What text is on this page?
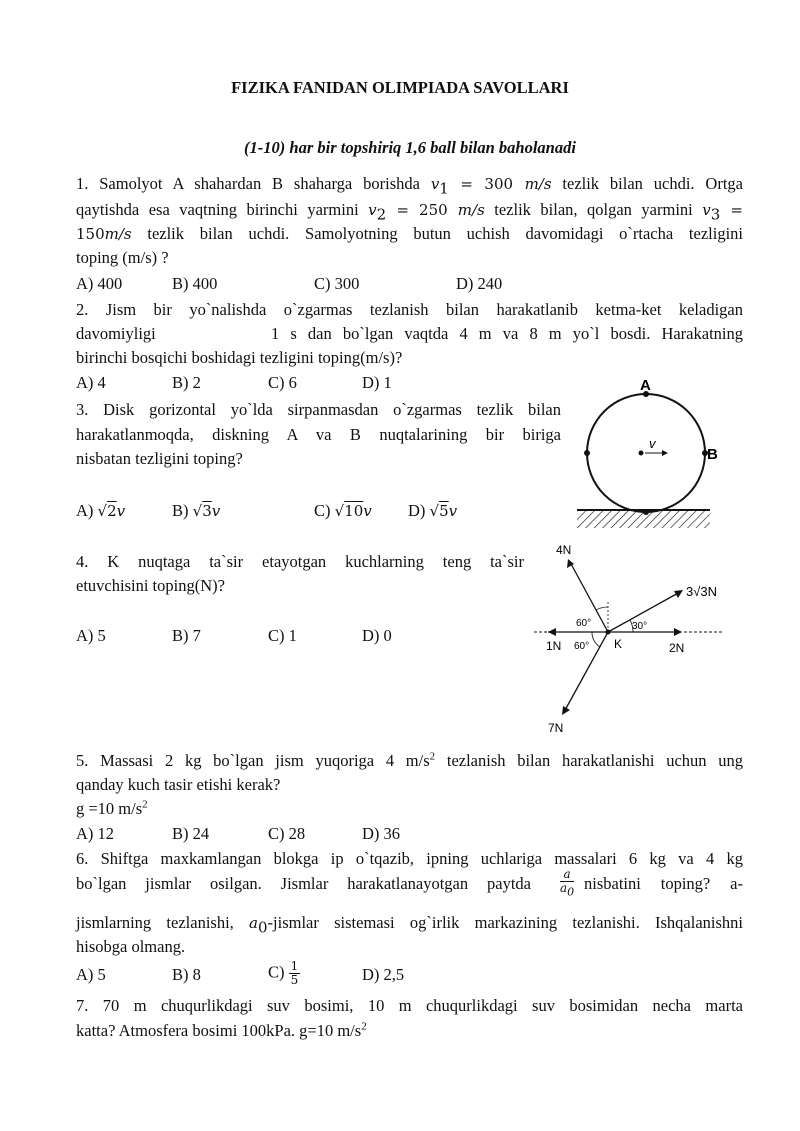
FIZIKA FANIDAN OLIMPIADA SAVOLLARI
(1-10) har bir topshiriq 1,6 ball bilan baholanadi
1. Samolyot A shahardan B shaharga borishda $v_1 = 300$ m/s tezlik bilan uchdi. Ortga
qaytishda esa vaqtning birinchi yarmini $v_2 = 250$ m/s tezlik bilan, qolgan yarmini $v_3$ =
150m/s tezlik bilan uchdi. Samolyotning butun uchish davomidagi o`rtacha tezligini
toping (m/s) ?
A) 400	B) 400	C) 300	D) 240
2. Jism bir yo`nalishda o`zgarmas tezlanish bilan harakatlanib ketma-ket keladigan
davomiyligi	1 s dan bo`lgan vaqtda 4 m va 8 m yo`l bosdi. Harakatning
birinchi bosqichi boshidagi tezligini toping(m/s)?
A) 4	B) 2	C) 6	D) 1
3. Disk gorizontal yo`lda sirpanmasdan o`zgarmas tezlik bilan
harakatlanmoqda, diskning A va B nuqtalarining bir biriga
nisbatan tezligini toping?
A) √2v	B) √3v	C) √10v D) √5v
A
B
v
4. K nuqtaga ta`sir etayotgan kuchlarning teng ta`sir
etuvchisini toping(N)?
A) 5	B) 7	C) 1	D) 0
4N
3√3N
1N	2N
7N
K
60°	30°
60°
5. Massasi 2 kg bo`lgan jism yuqoriga 4 $m/s^2$ tezlanish bilan harakatlanishi uchun ung
qanday kuch tasir etishi kerak?
g =10 $m/s^2$
A) 12	B) 24	C) 28	D) 36
6. Shiftga maxkamlangan blokga ip o`tqazib, ipning uchlariga massalari 6 kg va 4 kg
bo`lgan jismlar osilgan. Jismlar harakatlanayotgan paytda $\frac{a}{a_0}$ nisbatini toping? a-
jismlarning tezlanishi, $a_0$-jismlar sistemasi og`irlik markazining tezlanishi. Ishqalanishni
hisobga olmang.
A) 5	B) 8	$C) \frac{1}{5}$	D) 2,5
7. 70 m chuqurlikdagi suv bosimi, 10 m chuqurlikdagi suv bosimidan necha marta
katta? Atmosfera bosimi 100kPa. g=10 $m/s^2$
